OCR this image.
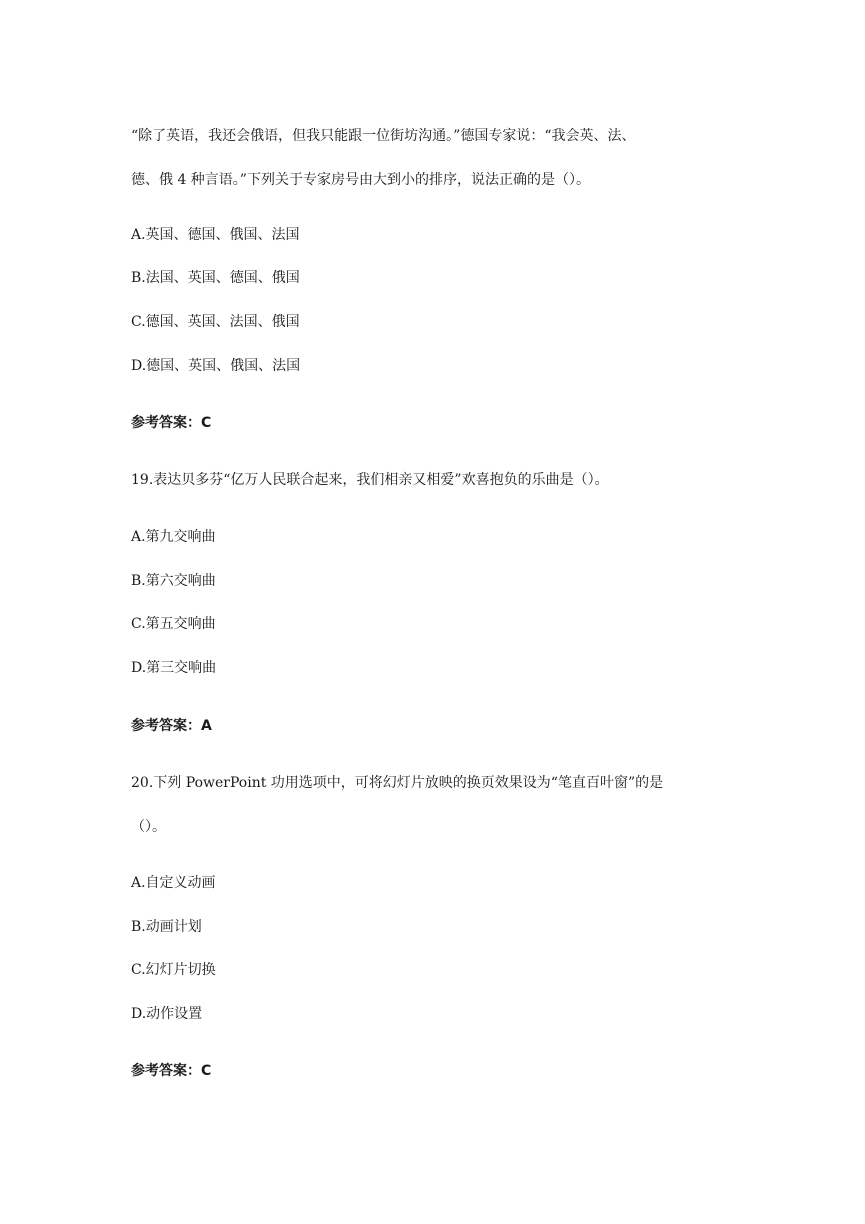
“除了英语，我还会俄语，但我只能跟一位街坊沟通。”德国专家说：“我会英、法、
德、俄 4 种言语。”下列关于专家房号由大到小的排序，说法正确的是（）。
A.英国、德国、俄国、法国
B.法国、英国、德国、俄国
C.德国、英国、法国、俄国
D.德国、英国、俄国、法国
参考答案：C
19.表达贝多芬“亿万人民联合起来，我们相亲又相爱”欢喜抱负的乐曲是（）。
A.第九交响曲
B.第六交响曲
C.第五交响曲
D.第三交响曲
参考答案：A
20.下列 PowerPoint 功用选项中，可将幻灯片放映的换页效果设为“笔直百叶窗”的是
（）。
A.自定义动画
B.动画计划
C.幻灯片切换
D.动作设置
参考答案：C
